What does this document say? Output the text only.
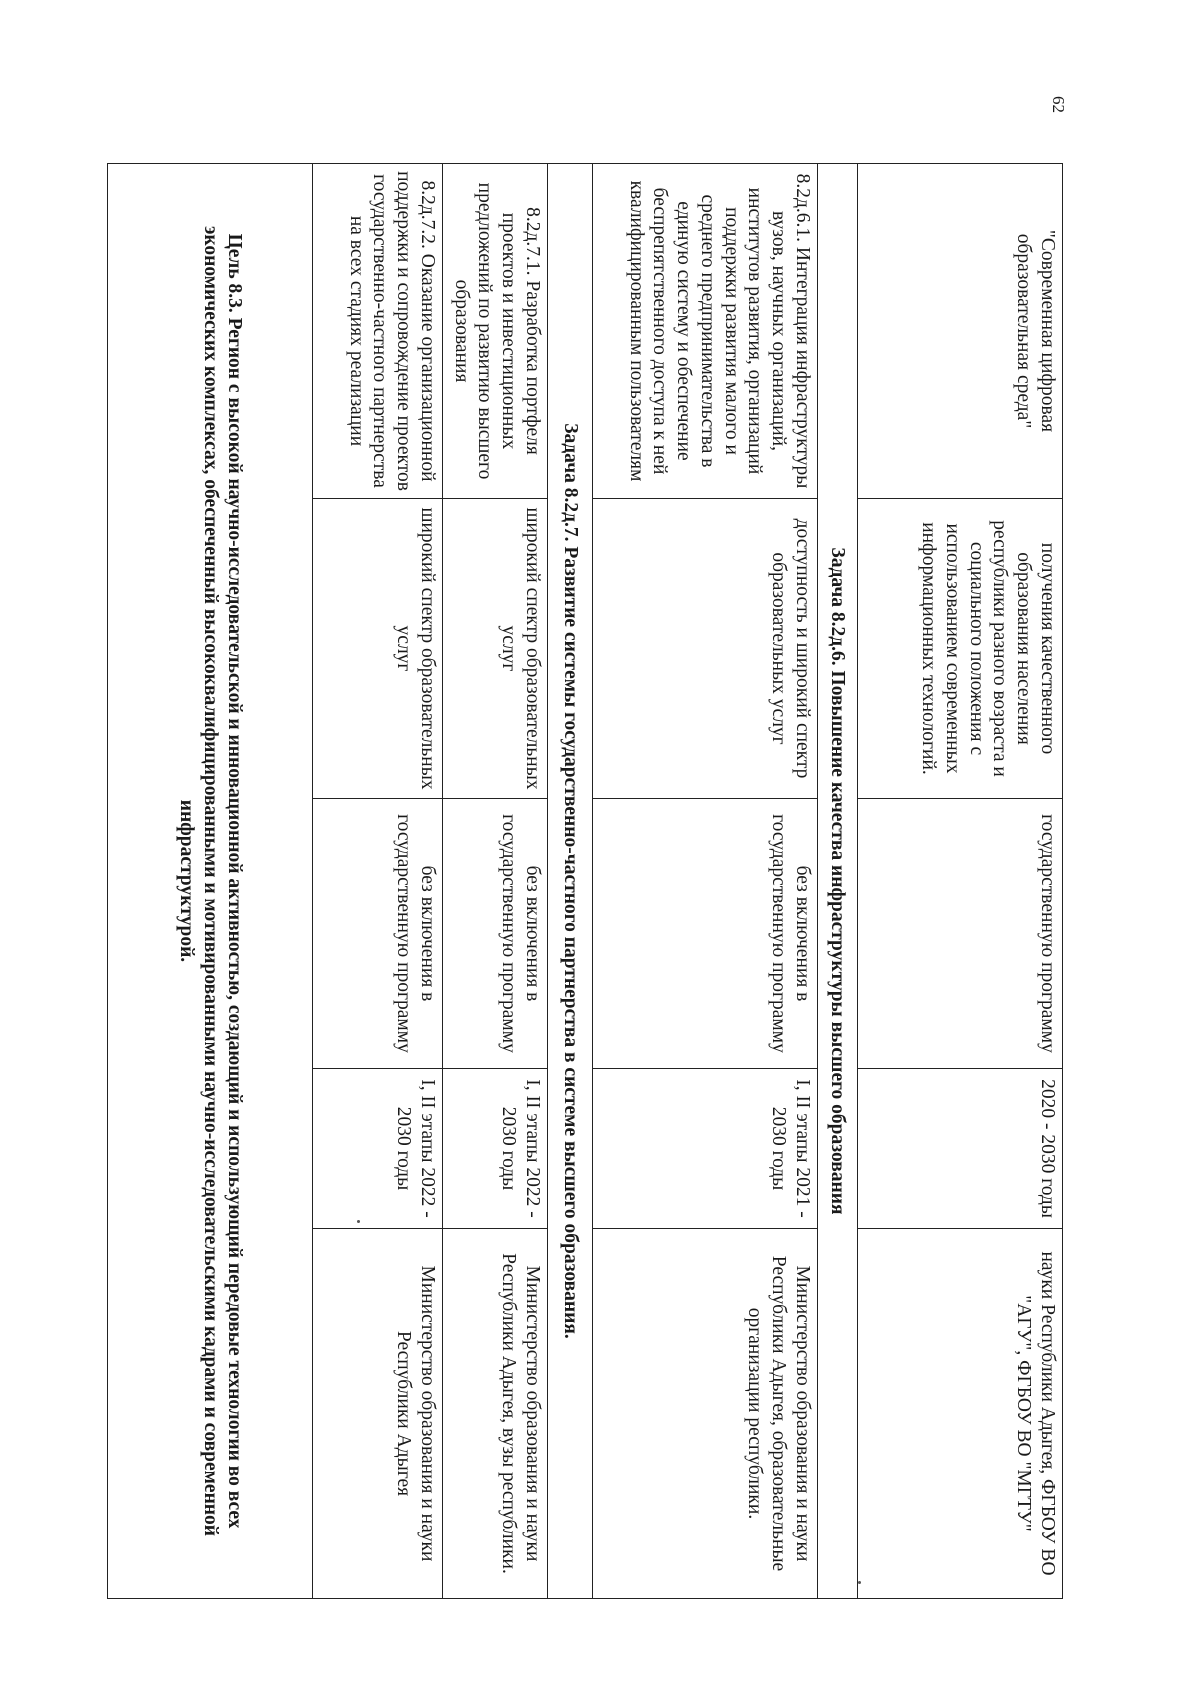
62
"Современная цифровая образовательная среда"	получения качественного образования населения республики разного возраста и социального положения с использованием современных информационных технологий.	государственную программу	2020 - 2030 годы	науки Республики Адыгея, ФГБОУ ВО "АГУ", ФГБОУ ВО "МГТУ"
Задача 8.2д.6. Повышение качества инфраструктуры высшего образования				
8.2д.6.1. Интеграция инфраструктуры вузов, научных организаций, институтов развития, организаций поддержки развития малого и среднего предпринимательства в единую систему и обеспечение беспрепятственного доступа к ней квалифицированным пользователям	доступность и широкий спектр образовательных услуг	без включения в государственную программу	I, II этапы 2021 - 2030 годы	Министерство образования и науки Республики Адыгея, образовательные организации республики.
Задача 8.2д.7. Развитие системы государственно-частного партнерства в системе высшего образования.				
8.2д.7.1. Разработка портфеля проектов и инвестиционных предложений по развитию высшего образования	широкий спектр образовательных услуг	без включения в государственную программу	I, II этапы 2022 - 2030 годы	Министерство образования и науки Республики Адыгея, вузы республики.
8.2д.7.2. Оказание организационной поддержки и сопровождение проектов государственно-частного партнерства на всех стадиях реализации	широкий спектр образовательных услуг	без включения в государственную программу	I, II этапы 2022 - 2030 годы	Министерство образования и науки Республики Адыгея
Цель 8.3. Регион с высокой научно-исследовательской и инновационной активностью, создающий и использующий передовые технологии во всех экономических комплексах, обеспеченный высококвалифицированными и мотивированными научно-исследовательскими кадрами и современной инфраструктурой.				
